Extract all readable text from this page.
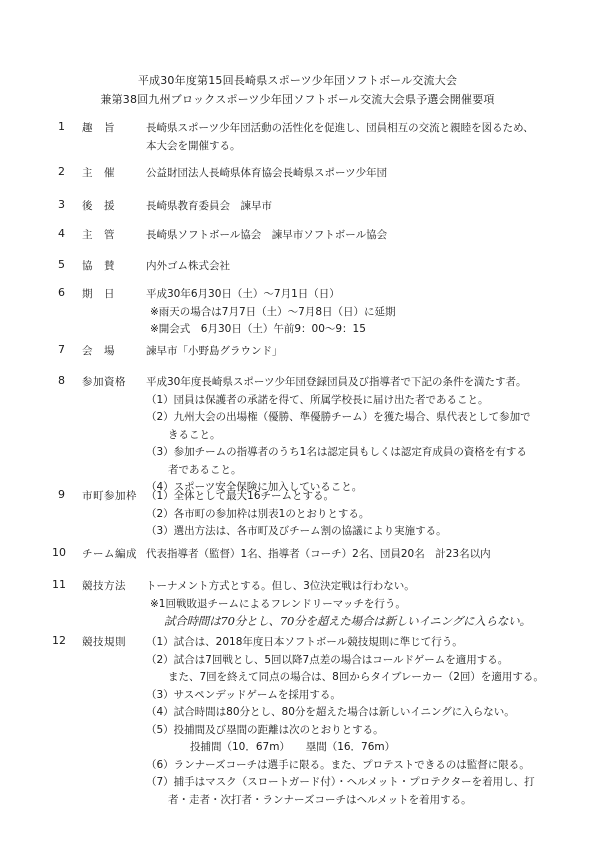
平成30年度第15回長崎県スポーツ少年団ソフトボール交流大会
兼第38回九州ブロックスポーツ少年団ソフトボール交流大会県予選会開催要項
1	趣　旨	長崎県スポーツ少年団活動の活性化を促進し、団員相互の交流と親睦を図るため、
本大会を開催する。
2	主　催	公益財団法人長崎県体育協会長崎県スポーツ少年団
3	後　援	長崎県教育委員会　諫早市
4	主　管	長崎県ソフトボール協会　諫早市ソフトボール協会
5	協　賛	内外ゴム株式会社
6	期　日	平成30年6月30日（土）～7月1日（日）
※雨天の場合は7月7日（土）～7月8日（日）に延期
※開会式　6月30日（土）午前9：00～9：15
7	会　場	諫早市「小野島グラウンド」
8	参加資格	平成30年度長崎県スポーツ少年団登録団員及び指導者で下記の条件を満たす者。
（1）団員は保護者の承諾を得て、所属学校長に届け出た者であること。
（2）九州大会の出場権（優勝、準優勝チーム）を獲た場合、県代表として参加で
きること。
（3）参加チームの指導者のうち1名は認定員もしくは認定育成員の資格を有する
者であること。
（4）スポーツ安全保険に加入していること。
9	市町参加枠 （1）全体として最大16チームとする。
（2）各市町の参加枠は別表1のとおりとする。
（3）選出方法は、各市町及びチーム割の協議により実施する。
10	チーム編成 代表指導者（監督）1名、指導者（コーチ）2名、団員20名　計23名以内
11	競技方法	トーナメント方式とする。但し、3位決定戦は行わない。
※1回戦敗退チームによるフレンドリーマッチを行う。
試合時間は70分とし、70分を超えた場合は新しいイニングに入らない。
12	競技規則	（1）試合は、2018年度日本ソフトボール競技規則に準じて行う。
（2）試合は7回戦とし、5回以降7点差の場合はコールドゲームを適用する。
また、7回を終えて同点の場合は、8回からタイブレーカー（2回）を適用する。
（3）サスペンデッドゲームを採用する。
（4）試合時間は80分とし、80分を超えた場合は新しいイニングに入らない。
（5）投捕間及び塁間の距離は次のとおりとする。
投捕間（10．67m）　　塁間（16．76m）
（6）ランナーズコーチは選手に限る。また、プロテストできるのは監督に限る。
（7）捕手はマスク（スロートガード付）・ヘルメット・プロテクターを着用し、打
者・走者・次打者・ランナーズコーチはヘルメットを着用する。
